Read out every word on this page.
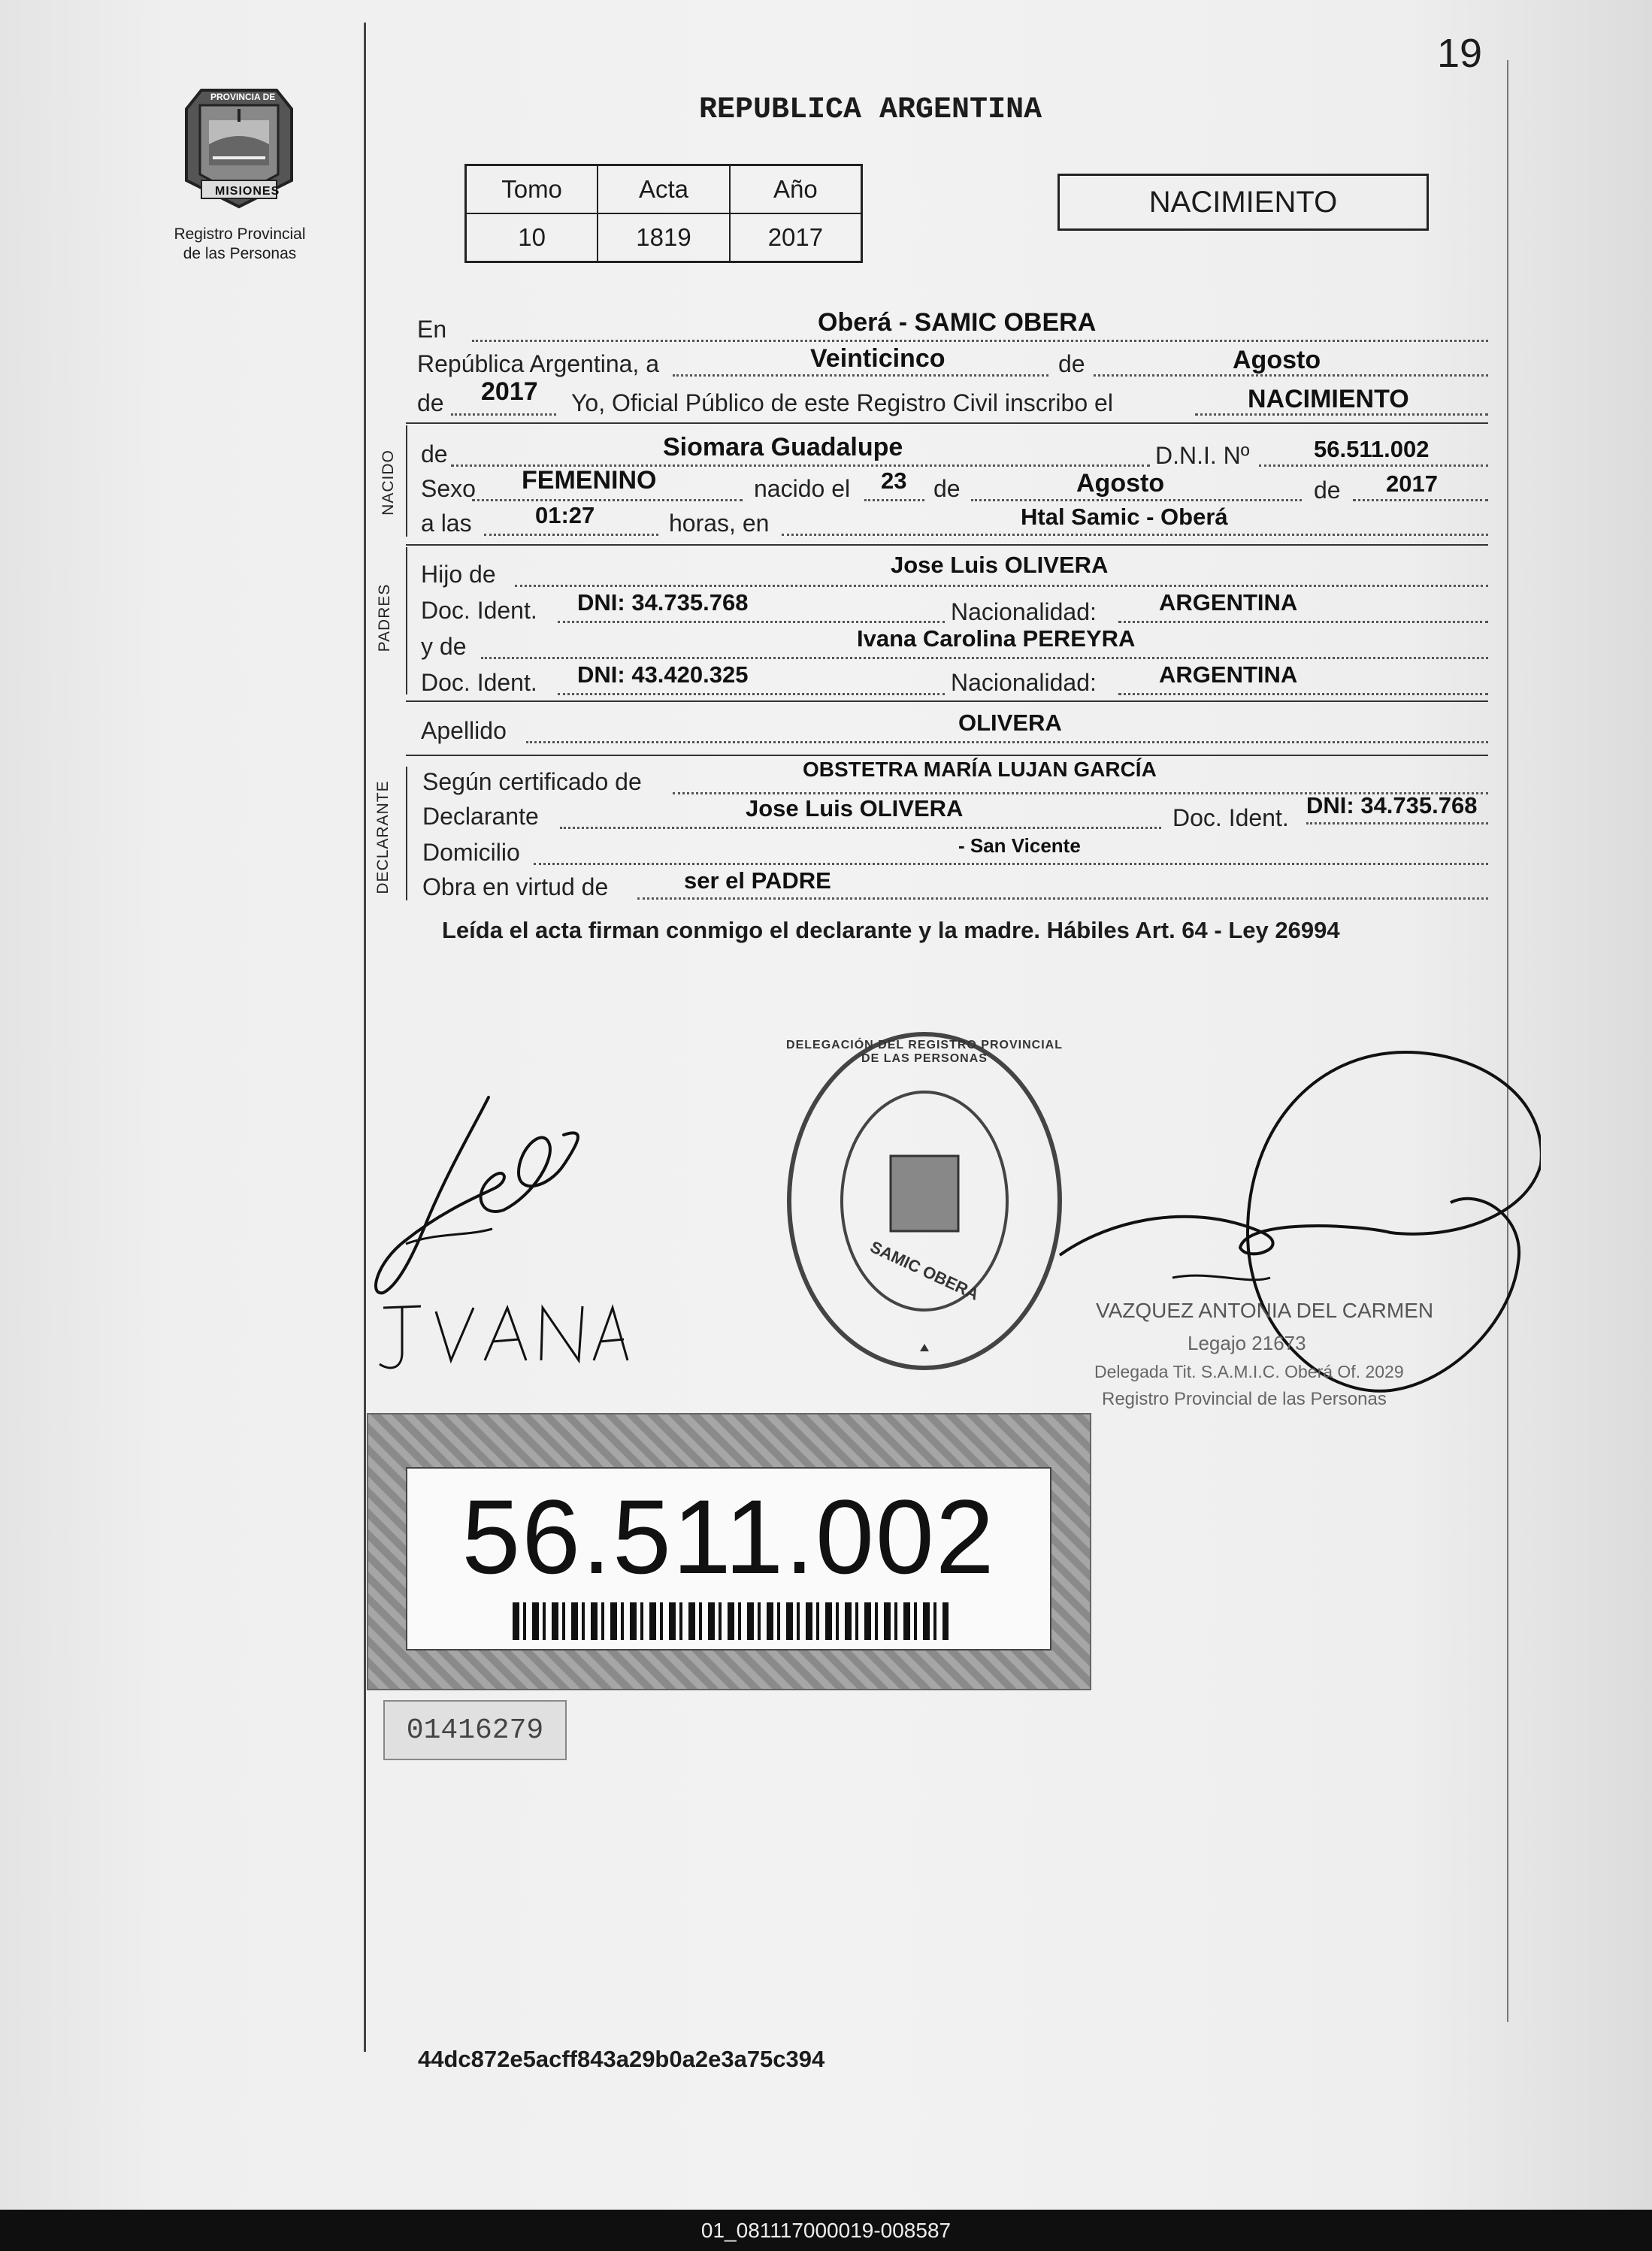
19
PROVINCIA DE
MISIONES
Registro Provincial
de las Personas
REPUBLICA ARGENTINA
Tomo	Acta	Año
10	1819	2017
NACIMIENTO
En	Oberá - SAMIC OBERA
República Argentina, a	Veinticinco	de	Agosto
de 2017 Yo, Oficial Público de este Registro Civil inscribo el	NACIMIENTO
NACIDO de	Siomara Guadalupe	D.N.I. Nº	56.511.002
Sexo FEMENINO	nacido el 23 de	Agosto	de 2017
a las	01:27	horas, en	Htal Samic - Oberá
PADRES
Hijo de	Jose Luis OLIVERA
Doc. Ident. DNI: 34.735.768	Nacionalidad:	ARGENTINA
y de	Ivana Carolina PEREYRA
Doc. Ident. DNI: 43.420.325	Nacionalidad:	ARGENTINA
Apellido	OLIVERA
DECLARANTE Según certificado de	OBSTETRA MARÍA LUJAN GARCÍA
Declarante	Jose Luis OLIVERA	Doc. Ident. DNI: 34.735.768
Domicilio	- San Vicente
Obra en virtud de	ser el PADRE
Leída el acta firman conmigo el declarante y la madre. Hábiles Art. 64 - Ley 26994
DELEGACIÓN DEL REGISTRO PROVINCIAL DE LAS PERSONAS
SAMIC OBERA
VAZQUEZ ANTONIA DEL CARMEN
Legajo 21673
Delegada Tit. S.A.M.I.C. Oberá Of. 2029
Registro Provincial de las Personas
56.511.002
01416279
44dc872e5acff843a29b0a2e3a75c394
01_081117000019-008587
